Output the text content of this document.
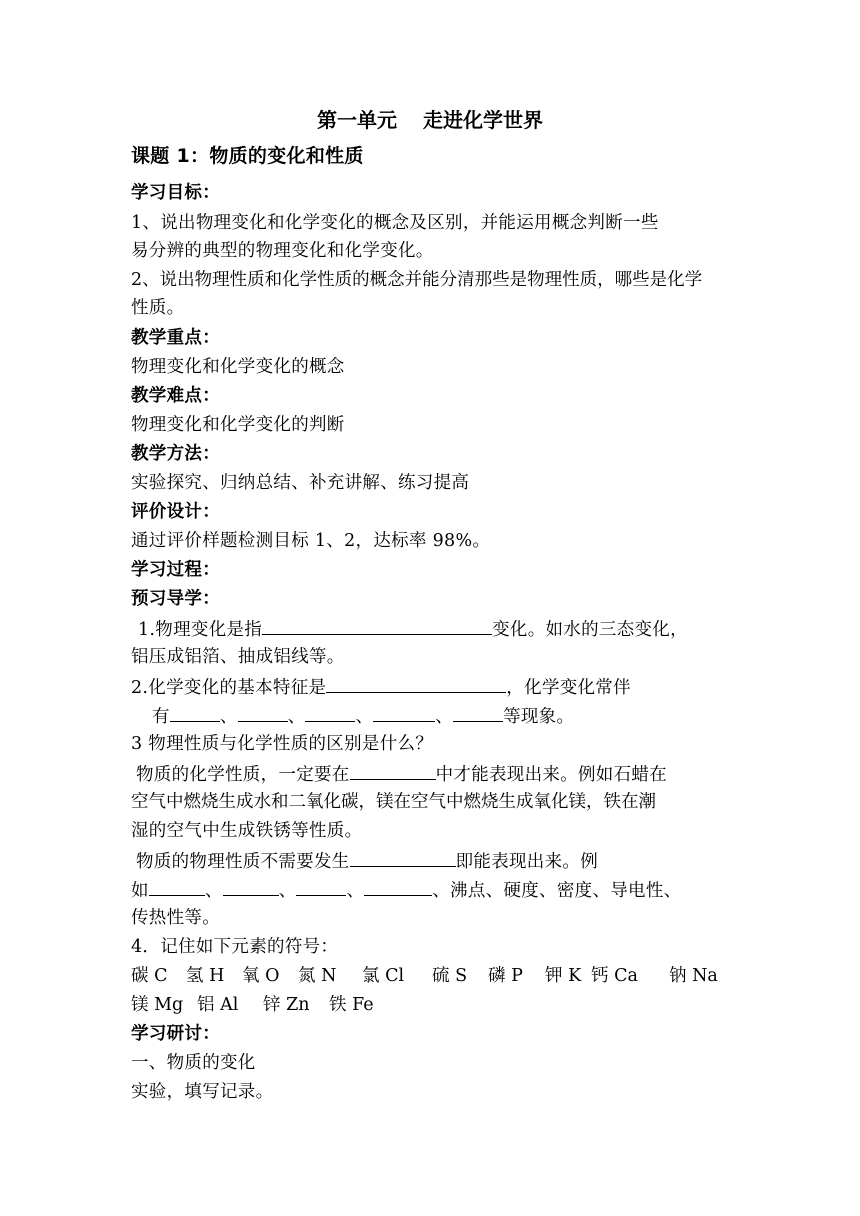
第一单元 走进化学世界
课题 1：物质的变化和性质
学习目标：
1、说出物理变化和化学变化的概念及区别，并能运用概念判断一些
易分辨的典型的物理变化和化学变化。
2、说出物理性质和化学性质的概念并能分清那些是物理性质，哪些是化学
性质。
教学重点：
物理变化和化学变化的概念
教学难点：
物理变化和化学变化的判断
教学方法：
实验探究、归纳总结、补充讲解、练习提高
评价设计：
通过评价样题检测目标 1、2，达标率 98%。
学习过程：
预习导学：
1.物理变化是指	变化。如水的三态变化，
铝压成铝箔、抽成铝线等。
2.化学变化的基本特征是	，化学变化常伴
有	、	、	、	、	等现象。
3 物理性质与化学性质的区别是什么？
物质的化学性质，一定要在	中才能表现出来。例如石蜡在
空气中燃烧生成水和二氧化碳，镁在空气中燃烧生成氧化镁，铁在潮
湿的空气中生成铁锈等性质。
物质的物理性质不需要发生	即能表现出来。例
如	、	、	、	、沸点、硬度、密度、导电性、
传热性等。
4．记住如下元素的符号：
碳 C 氢 H 氧 O 氮 N 氯 Cl 硫 S 磷 P 钾 K 钙 Ca 钠 Na
镁 Mg 铝 Al 锌 Zn 铁 Fe
学习研讨：
一、物质的变化
实验，填写记录。
